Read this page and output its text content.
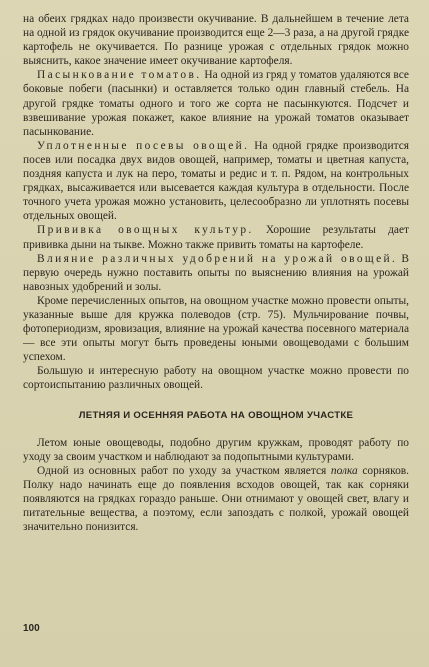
на обеих грядках надо произвести окучивание. В дальнейшем в течение лета на одной из грядок окучивание производится еще 2—3 раза, а на другой грядке картофель не окучивается. По разнице урожая с отдельных грядок можно выяснить, какое значение имеет окучивание картофеля.

Пасынкование томатов. На одной из гряд у томатов удаляются все боковые побеги (пасынки) и оставляется только один главный стебель. На другой грядке томаты одного и того же сорта не пасынкуются. Подсчет и взвешивание урожая покажет, какое влияние на урожай томатов оказывает пасынкование.

Уплотненные посевы овощей. На одной грядке производится посев или посадка двух видов овощей, например, томаты и цветная капуста, поздняя капуста и лук на перо, томаты и редис и т. п. Рядом, на контрольных грядках, высаживается или высевается каждая культура в отдельности. После точного учета урожая можно установить, целесообразно ли уплотнять посевы отдельных овощей.

Прививка овощных культур. Хорошие результаты дает прививка дыни на тыкве. Можно также привить томаты на картофеле.

Влияние различных удобрений на урожай овощей. В первую очередь нужно поставить опыты по выяснению влияния на урожай навозных удобрений и золы.

Кроме перечисленных опытов, на овощном участке можно провести опыты, указанные выше для кружка полеводов (стр. 75). Мульчирование почвы, фотопериодизм, яровизация, влияние на урожай качества посевного материала — все эти опыты могут быть проведены юными овощеводами с большим успехом.

Большую и интересную работу на овощном участке можно провести по сортоиспытанию различных овощей.

ЛЕТНЯЯ И ОСЕННЯЯ РАБОТА НА ОВОЩНОМ УЧАСТКЕ

Летом юные овощеводы, подобно другим кружкам, проводят работу по уходу за своим участком и наблюдают за подопытными культурами.

Одной из основных работ по уходу за участком является полка сорняков. Полку надо начинать еще до появления всходов овощей, так как сорняки появляются на грядках гораздо раньше. Они отнимают у овощей свет, влагу и питательные вещества, а поэтому, если запоздать с полкой, урожай овощей значительно понизится.

100
